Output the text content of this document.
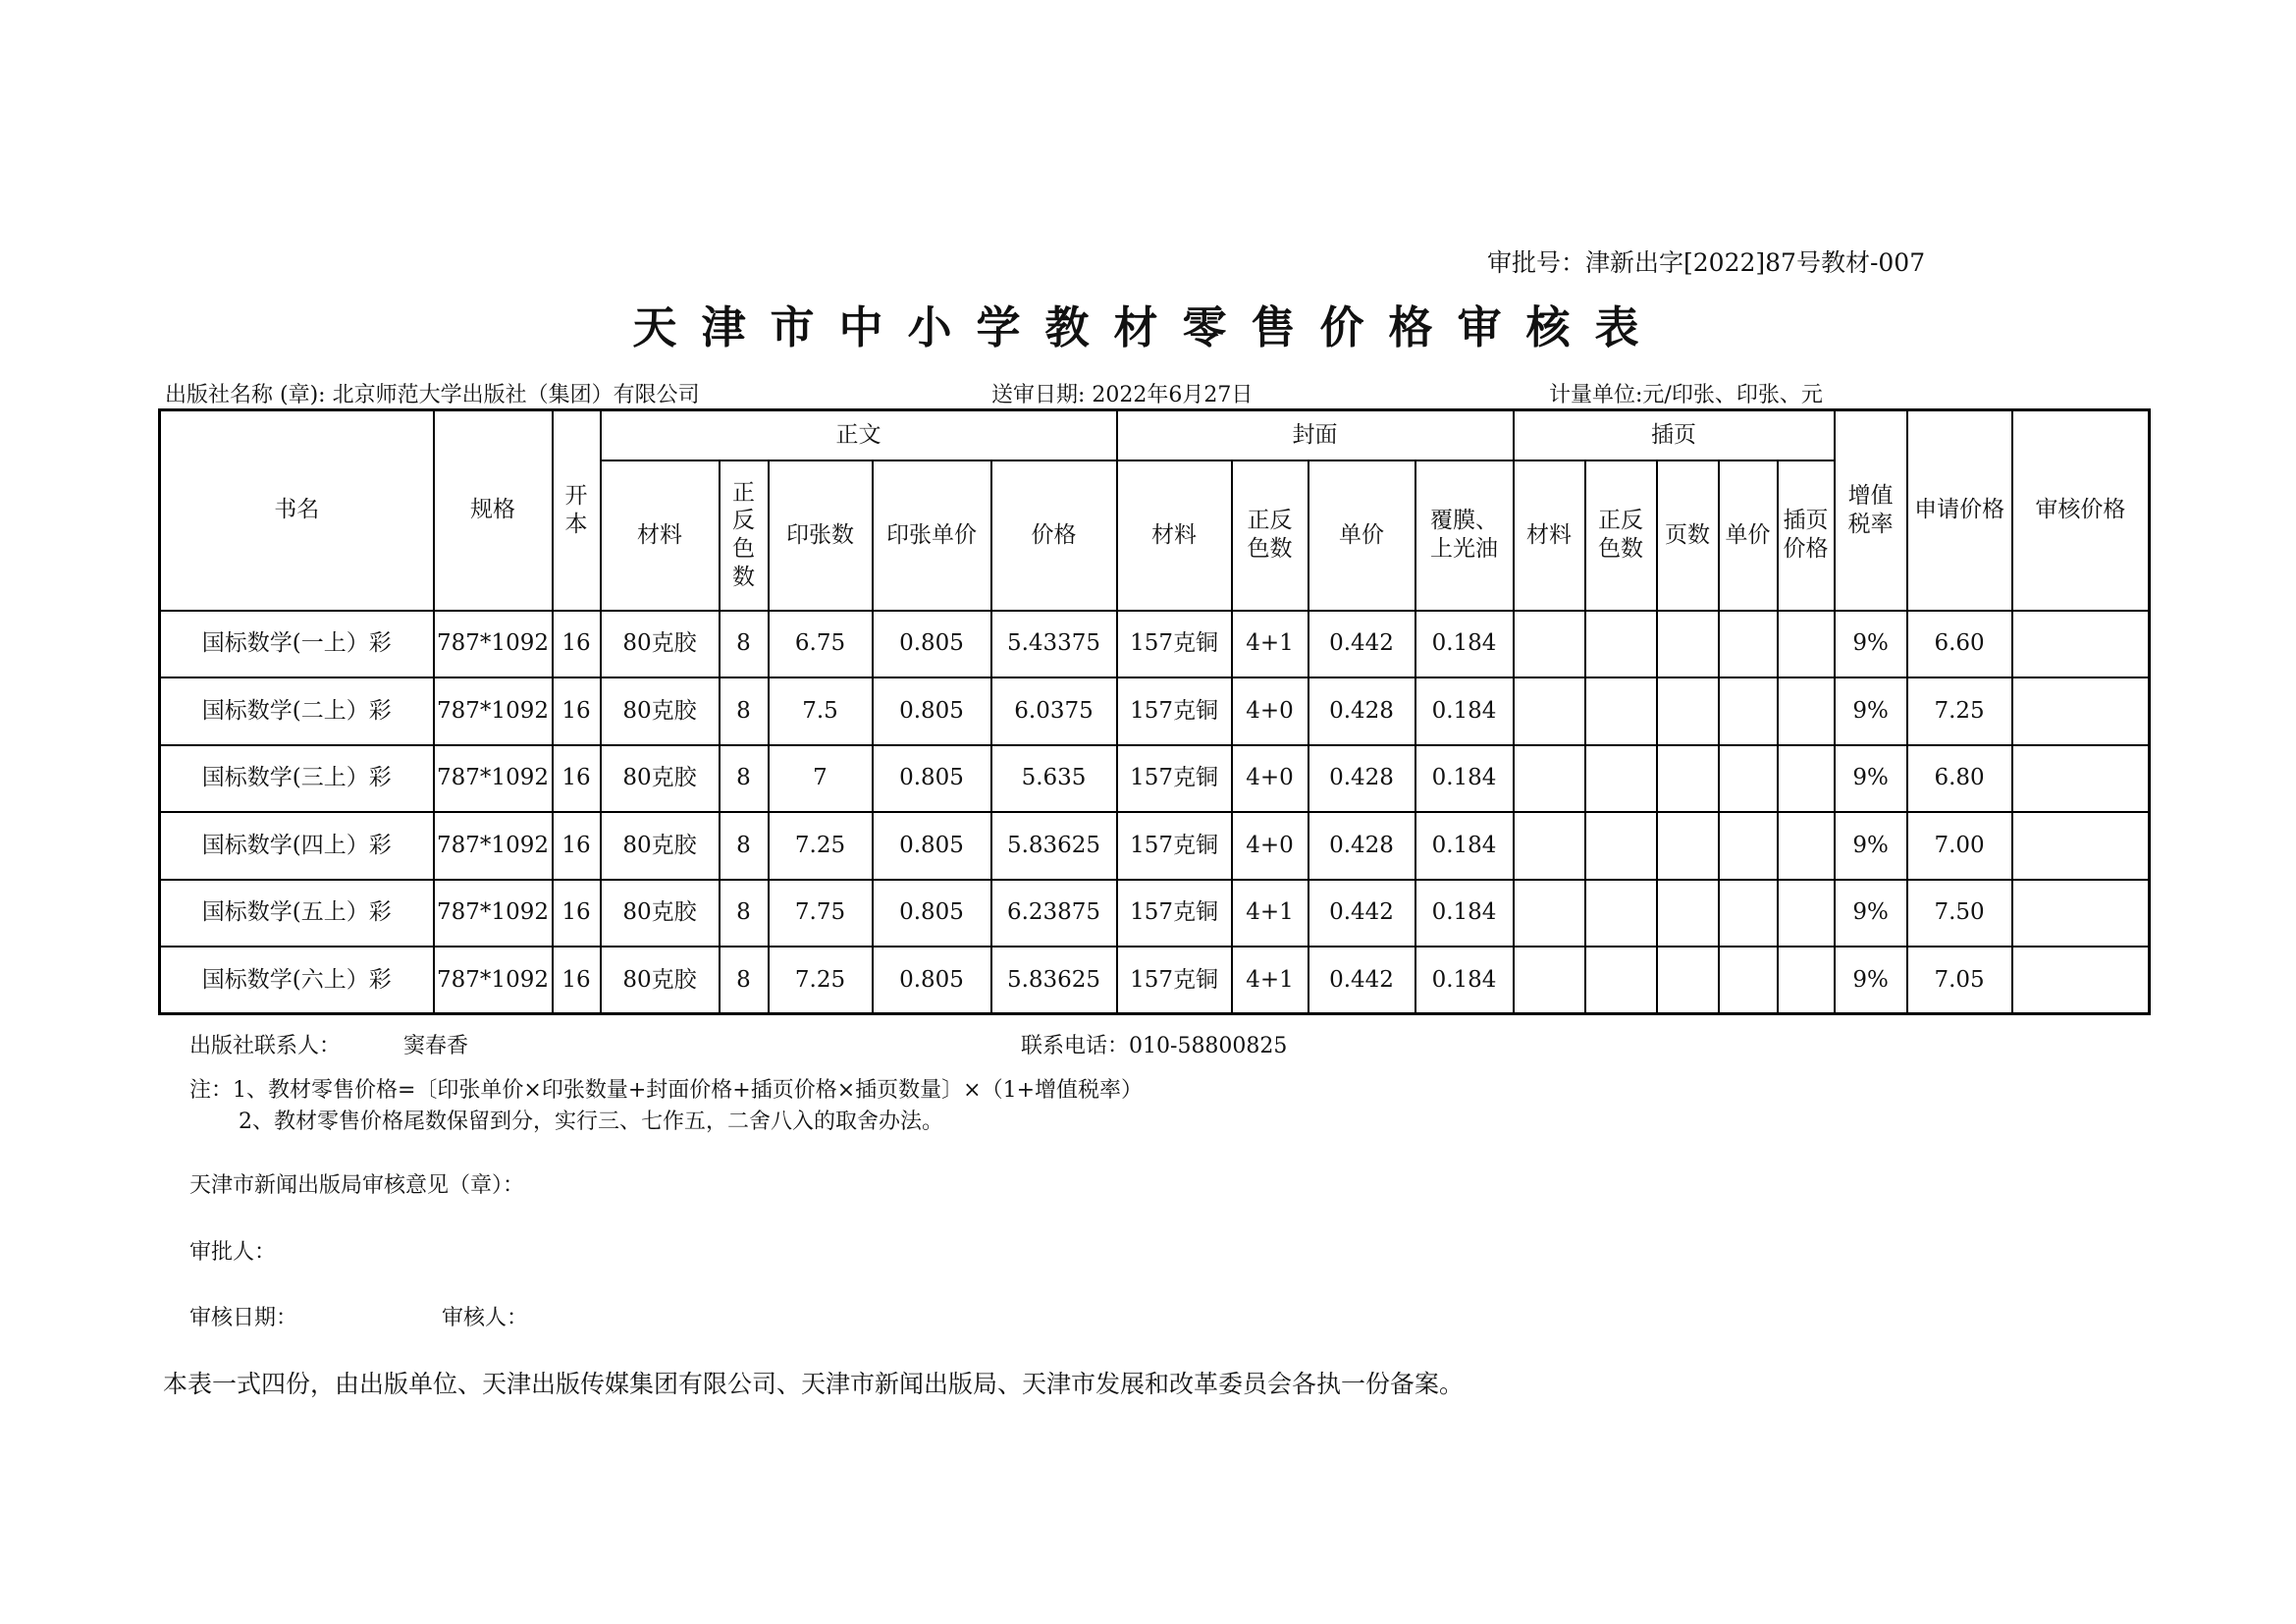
审批号：津新出字[2022]87号教材-007
天津市中小学教材零售价格审核表
出版社名称 (章): 北京师范大学出版社（集团）有限公司	送审日期: 2022年6月27日	计量单位:元/印张、印张、元
书名	规格	开本	正文					封面				插页					增值税率	申请价格	审核价格
			材料	正反色数	印张数	印张单价	价格	材料	正反色数	单价	覆膜、上光油	材料	正反色数	页数	单价	插页价格			
国标数学(一上）彩	787*1092	16	80克胶	8	6.75	0.805	5.43375	157克铜	4+1	0.442	0.184						9%	6.60	
国标数学(二上）彩	787*1092	16	80克胶	8	7.5	0.805	6.0375	157克铜	4+0	0.428	0.184						9%	7.25	
国标数学(三上）彩	787*1092	16	80克胶	8	7	0.805	5.635	157克铜	4+0	0.428	0.184						9%	6.80	
国标数学(四上）彩	787*1092	16	80克胶	8	7.25	0.805	5.83625	157克铜	4+0	0.428	0.184						9%	7.00	
国标数学(五上）彩	787*1092	16	80克胶	8	7.75	0.805	6.23875	157克铜	4+1	0.442	0.184						9%	7.50	
国标数学(六上）彩	787*1092	16	80克胶	8	7.25	0.805	5.83625	157克铜	4+1	0.442	0.184						9%	7.05	
出版社联系人：	窦春香	联系电话：010-58800825
注：1、教材零售价格=〔印张单价×印张数量+封面价格+插页价格×插页数量〕×（1+增值税率）
2、教材零售价格尾数保留到分，实行三、七作五，二舍八入的取舍办法。
天津市新闻出版局审核意见（章）：
审批人：
审核日期：	审核人：
本表一式四份，由出版单位、天津出版传媒集团有限公司、天津市新闻出版局、天津市发展和改革委员会各执一份备案。
